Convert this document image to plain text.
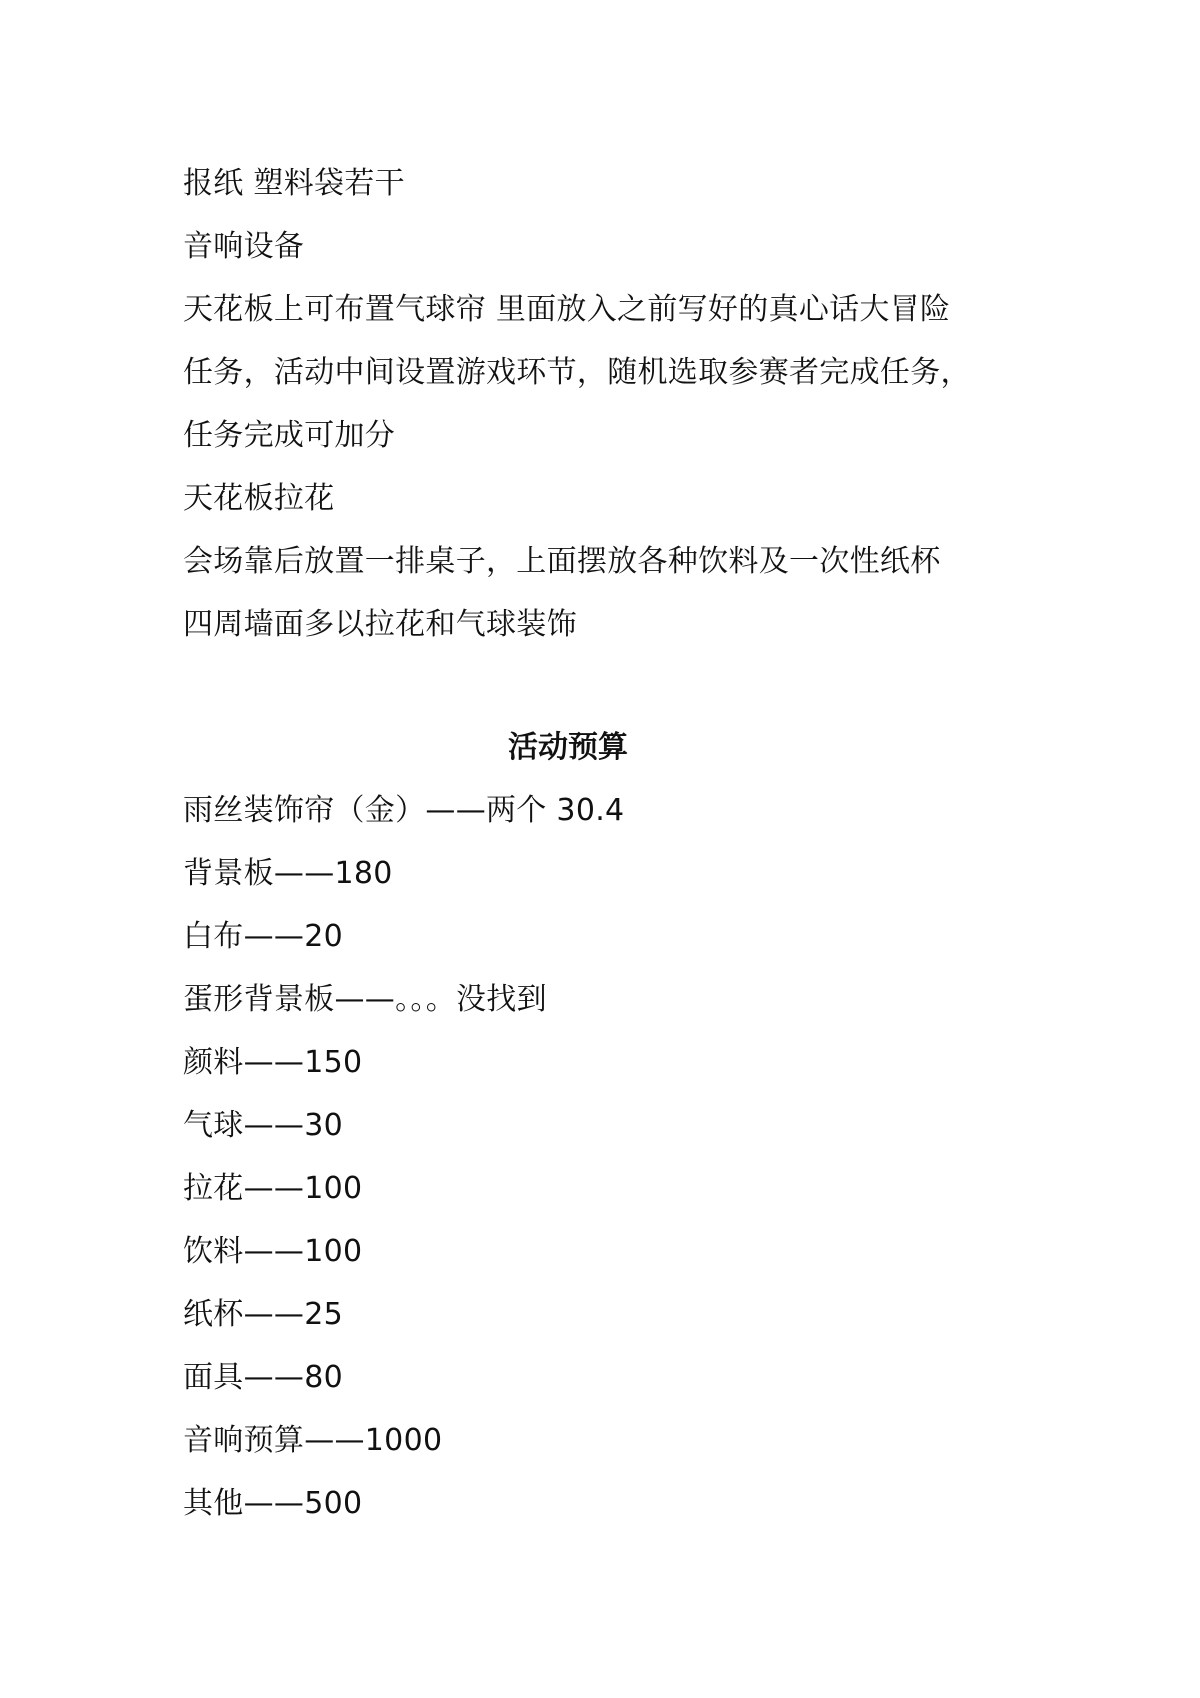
报纸 塑料袋若干
音响设备
天花板上可布置气球帘 里面放入之前写好的真心话大冒险
任务，活动中间设置游戏环节，随机选取参赛者完成任务，
任务完成可加分
天花板拉花
会场靠后放置一排桌子，上面摆放各种饮料及一次性纸杯
四周墙面多以拉花和气球装饰
活动预算
雨丝装饰帘（金）——两个 30.4
背景板——180
白布——20
蛋形背景板——。。。没找到
颜料——150
气球——30
拉花——100
饮料——100
纸杯——25
面具——80
音响预算——1000
其他——500
